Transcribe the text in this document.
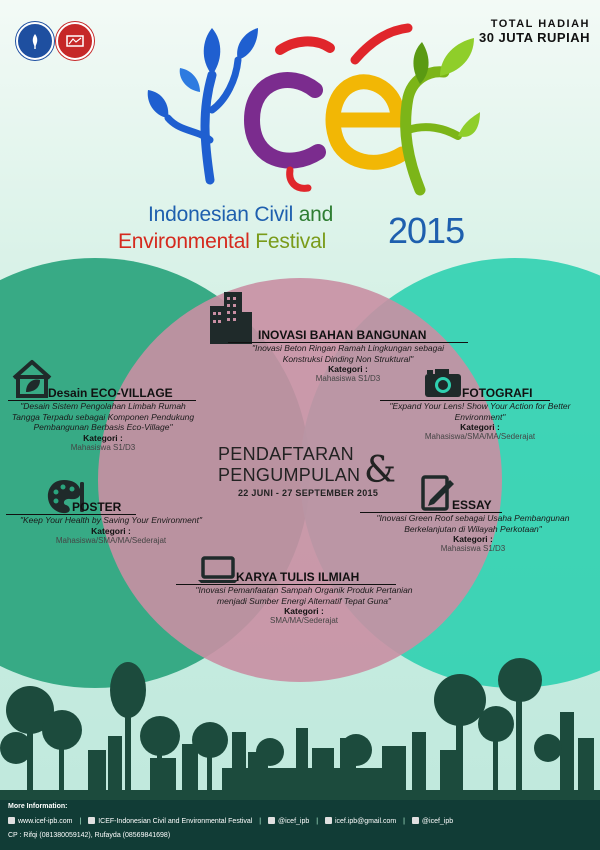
TOTAL HADIAH
30 JUTA RUPIAH
Indonesian Civil and
Environmental Festival 2015
INOVASI BAHAN BANGUNAN
"Inovasi Beton Ringan Ramah Lingkungan sebagai
Konstruksi Dinding Non Struktural"
Kategori :
Mahasiswa S1/D3
Desain ECO-VILLAGE
"Desain Sistem Pengolahan Limbah Rumah
Tangga Terpadu sebagai Komponen Pendukung
Pembangunan Berbasis Eco-Village"
Kategori :
Mahasiswa S1/D3
FOTOGRAFI
"Expand Your Lens! Show Your Action for Better
Environment"
Kategori :
Mahasiswa/SMA/MA/Sederajat
PENDAFTARAN
PENGUMPULAN &
22 JUNI - 27 SEPTEMBER 2015
POSTER
"Keep Your Health by Saving Your Environment"
Kategori :
Mahasiswa/SMA/MA/Sederajat
ESSAY
"Inovasi Green Roof sebagai Usaha Pembangunan
Berkelanjutan di Wilayah Perkotaan"
Kategori :
Mahasiswa S1/D3
KARYA TULIS ILMIAH
"Inovasi Pemanfaatan Sampah Organik Produk Pertanian
menjadi Sumber Energi Alternatif Tepat Guna"
Kategori :
SMA/MA/Sederajat
More Information:
www.icef-ipb.com | ICEF-Indonesian Civil and Environmental Festival | @icef_ipb | icef.ipb@gmail.com | @icef_ipb
CP : Rifqi (081380059142), Rufayda (08569841698)
